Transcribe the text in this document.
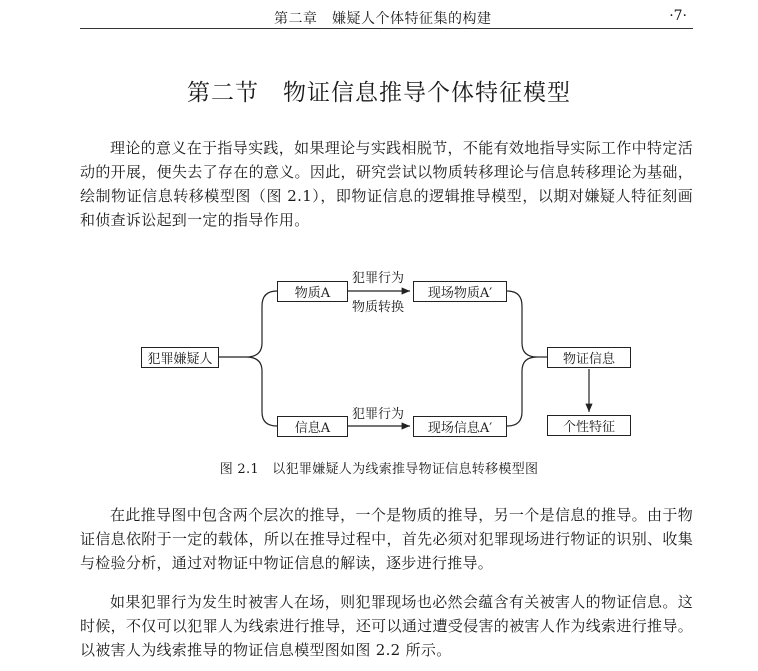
第二章　嫌疑人个体特征集的构建	·7·
第二节　物证信息推导个体特征模型

理论的意义在于指导实践，如果理论与实践相脱节，不能有效地指导实际工作中特定活动的开展，便失去了存在的意义。因此，研究尝试以物质转移理论与信息转移理论为基础，绘制物证信息转移模型图（图 2.1），即物证信息的逻辑推导模型，以期对嫌疑人特征刻画和侦查诉讼起到一定的指导作用。

犯罪嫌疑人
物质A	现场物质A′
信息A	现场信息A′
物证信息
个性特征
犯罪行为
物质转换
犯罪行为
图 2.1　以犯罪嫌疑人为线索推导物证信息转移模型图

在此推导图中包含两个层次的推导，一个是物质的推导，另一个是信息的推导。由于物证信息依附于一定的载体，所以在推导过程中，首先必须对犯罪现场进行物证的识别、收集与检验分析，通过对物证中物证信息的解读，逐步进行推导。

如果犯罪行为发生时被害人在场，则犯罪现场也必然会蕴含有关被害人的物证信息。这时候，不仅可以犯罪人为线索进行推导，还可以通过遭受侵害的被害人作为线索进行推导。以被害人为线索推导的物证信息模型图如图 2.2 所示。
